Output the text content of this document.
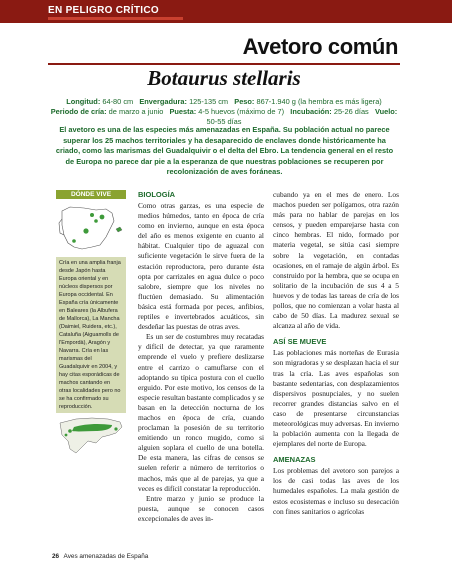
EN PELIGRO CRÍTICO
Avetoro común
Botaurus stellaris
Longitud: 64-80 cm Envergadura: 125-135 cm Peso: 867-1.940 g (la hembra es más ligera)
Periodo de cría: de marzo a junio Puesta: 4-5 huevos (máximo de 7) Incubación: 25-26 días Vuelo: 50-55 días

El avetoro es una de las especies más amenazadas en España. Su población actual no parece superar los 25 machos territoriales y ha desaparecido de enclaves donde históricamente ha criado, como las marismas del Guadalquivir o el delta del Ebro. La tendencia general en el resto de Europa no parece dar pie a la esperanza de que nuestras poblaciones se recuperen por recolonización de aves foráneas.

DÓNDE VIVE

Cría en una amplia franja desde Japón hasta Europa oriental y en núcleos dispersos por Europa occidental. En España cría únicamente en Baleares (la Albufera de Mallorca), La Mancha (Daimiel, Ruidera, etc.), Cataluña (Aiguamolls de l'Empordà), Aragón y Navarra. Cría en las marismas del Guadalquivir en 2004, y hay citas esporádicas de machos cantando en otras localidades pero no se ha confirmado su reproducción.

BIOLOGÍA

Como otras garzas, es una especie de medios húmedos, tanto en época de cría como en invierno, aunque en esta época del año es menos exigente en cuanto al hábitat. Cualquier tipo de aguazal con suficiente vegetación le sirve fuera de la estación reproductora, pero durante ésta opta por carrizales en agua dulce o poco salobre, siempre que los niveles no fluctúen demasiado. Su alimentación básica está formada por peces, anfibios, reptiles e invertebrados acuáticos, sin desdeñar las puestas de otras aves.

Es un ser de costumbres muy recatadas y difícil de detectar, ya que raramente emprende el vuelo y prefiere deslizarse entre el carrizo o camuflarse con el adoptando su típica postura con el cuello erguido. Por este motivo, los censos de la especie resultan bastante complicados y se basan en la detección nocturna de los machos en época de cría, cuando proclaman la posesión de su territorio emitiendo un ronco mugido, como si alguien soplara el cuello de una botella. De esta manera, las cifras de censos se suelen referir a número de territorios o machos, más que al de parejas, ya que a veces es difícil constatar la reproducción.

Entre marzo y junio se produce la puesta, aunque se conocen casos excepcionales de aves in-

cubando ya en el mes de enero. Los machos pueden ser polígamos, otra razón más para no hablar de parejas en los censos, y pueden emparejarse hasta con cinco hembras. El nido, formado por materia vegetal, se sitúa casi siempre sobre la vegetación, en contadas ocasiones, en el ramaje de algún árbol. Es construido por la hembra, que se ocupa en solitario de la incubación de sus 4 a 5 huevos y de todas las tareas de cría de los pollos, que no comienzan a volar hasta al cabo de 50 días. La madurez sexual se alcanza al año de vida.

ASÍ SE MUEVE

Las poblaciones más norteñas de Eurasia son migradoras y se desplazan hacia el sur tras la cría. Las aves españolas son bastante sedentarias, con desplazamientos dispersivos posnupciales, y no suelen recorrer grandes distancias salvo en el caso de presentarse circunstancias meteorológicas muy adversas. En invierno la población aumenta con la llegada de ejemplares del norte de Europa.

AMENAZAS

Los problemas del avetoro son parejos a los de casi todas las aves de los humedales españoles. La mala gestión de estos ecosistemas e incluso su desecación con fines sanitarios o agrícolas

26 Aves amenazadas de España
